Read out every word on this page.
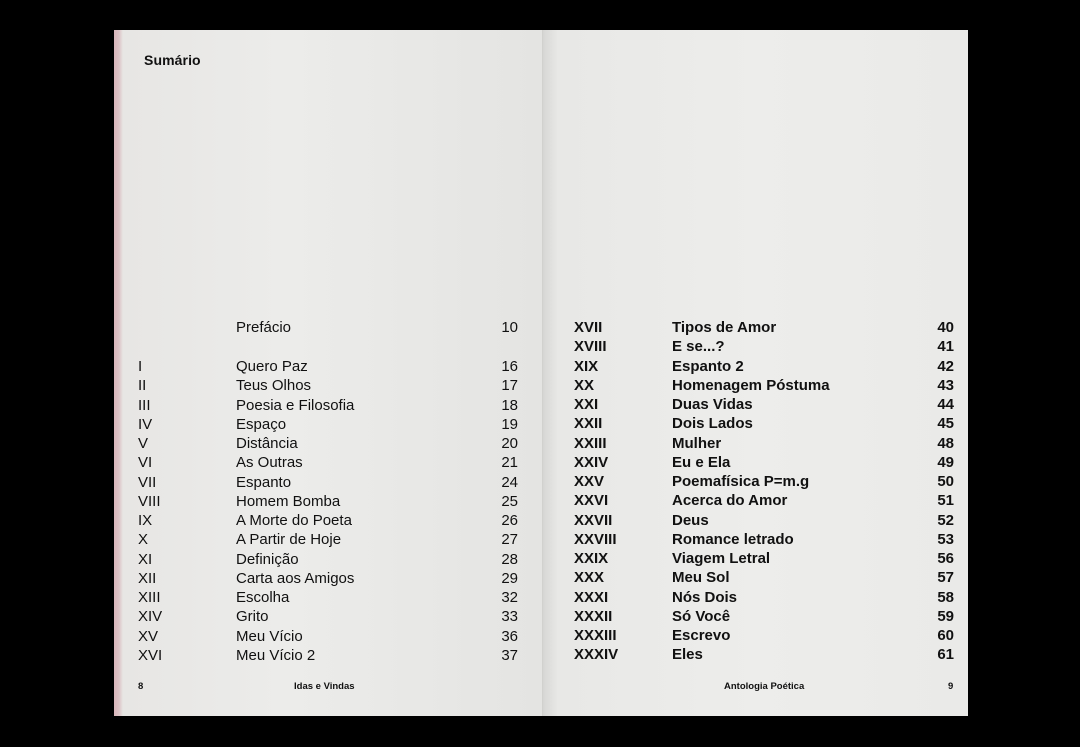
Sumário
Prefácio	10
I	Quero Paz	16
II	Teus Olhos	17
III	Poesia e Filosofia	18
IV	Espaço	19
V	Distância	20
VI	As Outras	21
VII	Espanto	24
VIII	Homem Bomba	25
IX	A Morte do Poeta	26
X	A Partir de Hoje	27
XI	Definição	28
XII	Carta aos Amigos	29
XIII	Escolha	32
XIV	Grito	33
XV	Meu Vício	36
XVI	Meu Vício 2	37
8	Idas e Vindas
XVII	Tipos de Amor	40
XVIII	E se...?	41
XIX	Espanto 2	42
XX	Homenagem Póstuma	43
XXI	Duas Vidas	44
XXII	Dois Lados	45
XXIII	Mulher	48
XXIV	Eu e Ela	49
XXV	Poemafísica P=m.g	50
XXVI	Acerca do Amor	51
XXVII	Deus	52
XXVIII	Romance letrado	53
XXIX	Viagem Letral	56
XXX	Meu Sol	57
XXXI	Nós Dois	58
XXXII	Só Você	59
XXXIII	Escrevo	60
XXXIV	Eles	61
Antologia Poética	9
